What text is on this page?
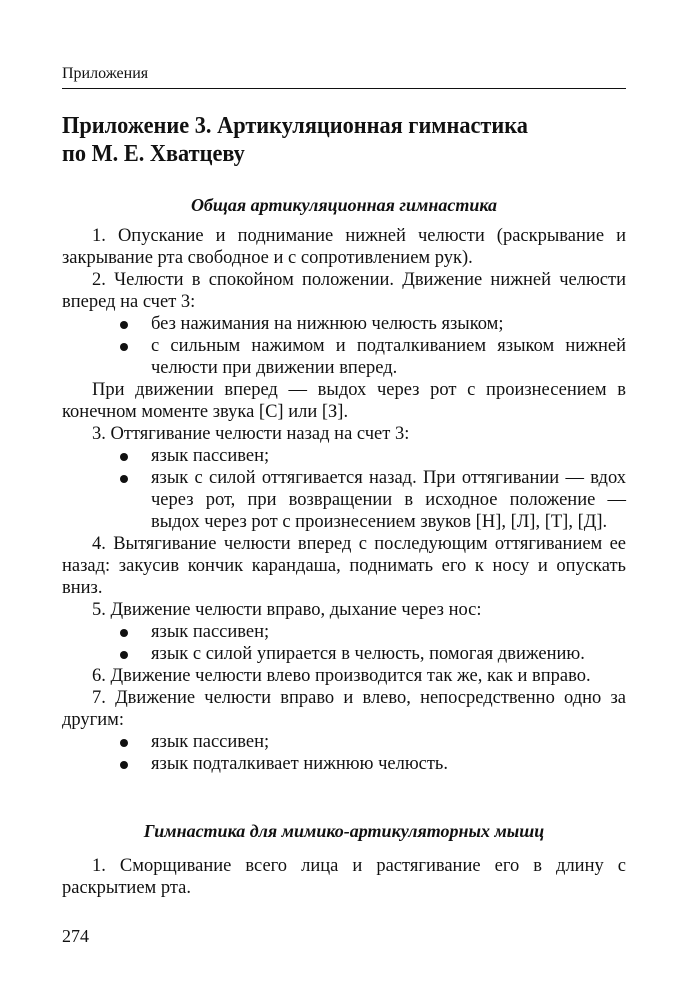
Приложения
Приложение 3. Артикуляционная гимнастика
по М. Е. Хватцеву
Общая артикуляционная гимнастика

1. Опускание и поднимание нижней челюсти (раскрывание и закрывание рта свободное и с сопротивлением рук).

2. Челюсти в спокойном положении. Движение нижней челюсти вперед на счет 3:

без нажимания на нижнюю челюсть языком;
с сильным нажимом и подталкиванием языком нижней челюсти при движении вперед.

При движении вперед — выдох через рот с произнесением в конечном моменте звука [С] или [З].

3. Оттягивание челюсти назад на счет 3:

язык пассивен;
язык с силой оттягивается назад. При оттягивании — вдох через рот, при возвращении в исходное положение — выдох через рот с произнесением звуков [Н], [Л], [Т], [Д].

4. Вытягивание челюсти вперед с последующим оттягиванием ее назад: закусив кончик карандаша, поднимать его к носу и опускать вниз.

5. Движение челюсти вправо, дыхание через нос:

язык пассивен;
язык с силой упирается в челюсть, помогая движению.

6. Движение челюсти влево производится так же, как и вправо.

7. Движение челюсти вправо и влево, непосредственно одно за другим:

язык пассивен;
язык подталкивает нижнюю челюсть.
Гимнастика для мимико-артикуляторных мышц

1. Сморщивание всего лица и растягивание его в длину с раскрытием рта.

274
